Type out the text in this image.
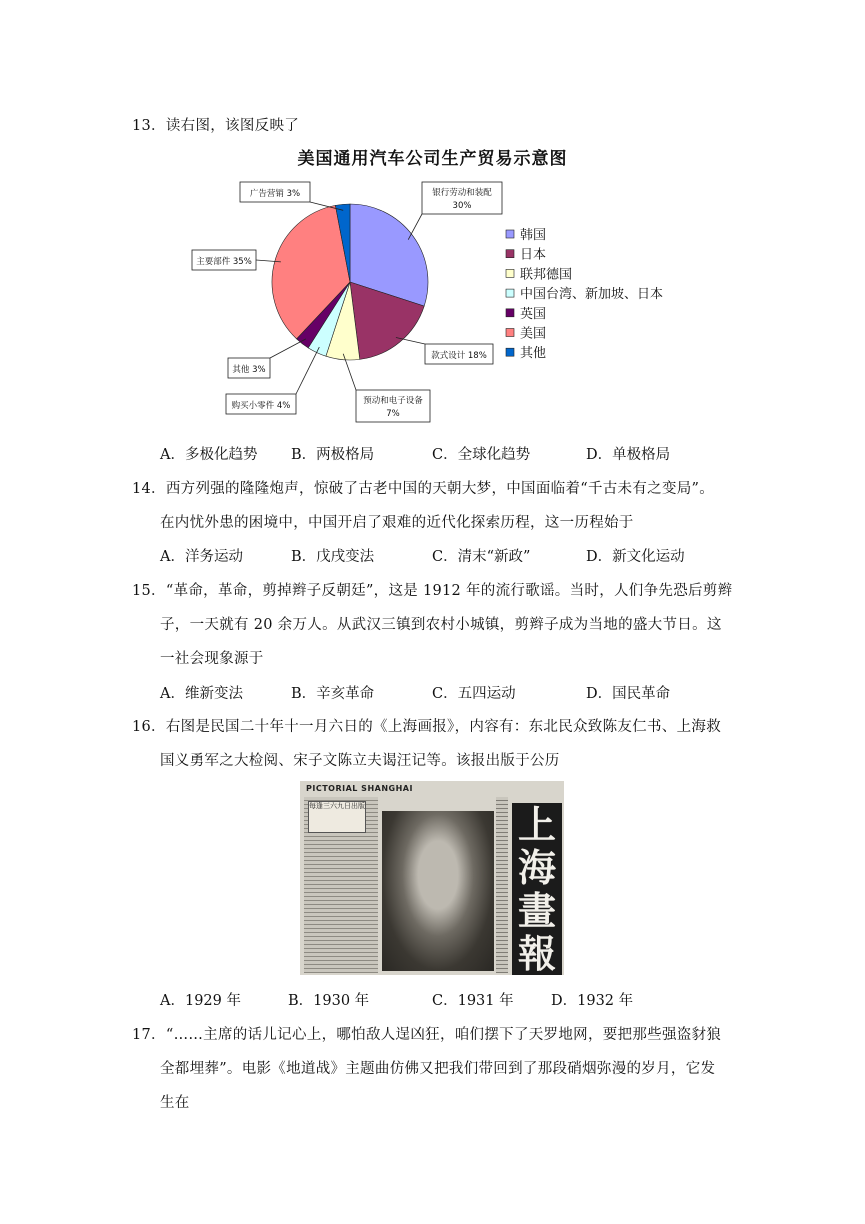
13．读右图，该图反映了
美国通用汽车公司生产贸易示意图
银行劳动和装配
30%
款式设计 18%
预动和电子设备
7%
购买小零件 4%
其他 3%
主要部件 35%
广告营销 3%
韩国
日本
联邦德国
中国台湾、新加坡、日本
英国
美国
其他
A．多极化趋势 B．两极格局	C．全球化趋势	D．单极格局
14．西方列强的隆隆炮声，惊破了古老中国的天朝大梦，中国面临着“千古未有之变局”。
在内忧外患的困境中，中国开启了艰难的近代化探索历程，这一历程始于
A．洋务运动	B．戊戌变法	C．清末“新政”	D．新文化运动
15．“革命，革命，剪掉辫子反朝廷”，这是 1912 年的流行歌谣。当时，人们争先恐后剪辫
子，一天就有 20 余万人。从武汉三镇到农村小城镇，剪辫子成为当地的盛大节日。这
一社会现象源于
A．维新变法	B．辛亥革命	C．五四运动	D．国民革命
16．右图是民国二十年十一月六日的《上海画报》，内容有：东北民众致陈友仁书、上海救
国义勇军之大检阅、宋子文陈立夫谒汪记等。该报出版于公历
PICTORIAL SHANGHAI
每逢三六九日出版	上海畫報
A．1929 年	B．1930 年	C．1931 年	D．1932 年
17．“……主席的话儿记心上，哪怕敌人逞凶狂，咱们摆下了天罗地网，要把那些强盗豺狼
全都埋葬”。电影《地道战》主题曲仿佛又把我们带回到了那段硝烟弥漫的岁月，它发
生在
